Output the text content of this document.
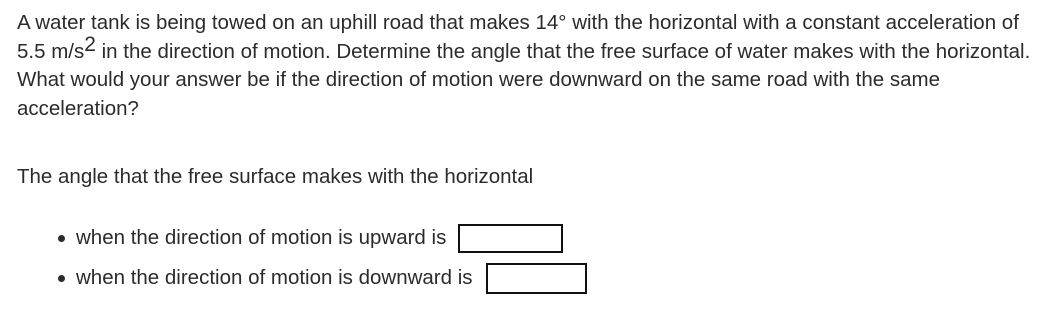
A water tank is being towed on an uphill road that makes 14° with the horizontal with a constant acceleration of 5.5 $m/s^2$ in the direction of motion. Determine the angle that the free surface of water makes with the horizontal. What would your answer be if the direction of motion were downward on the same road with the same acceleration?

The angle that the free surface makes with the horizontal

when the direction of motion is upward is
when the direction of motion is downward is
